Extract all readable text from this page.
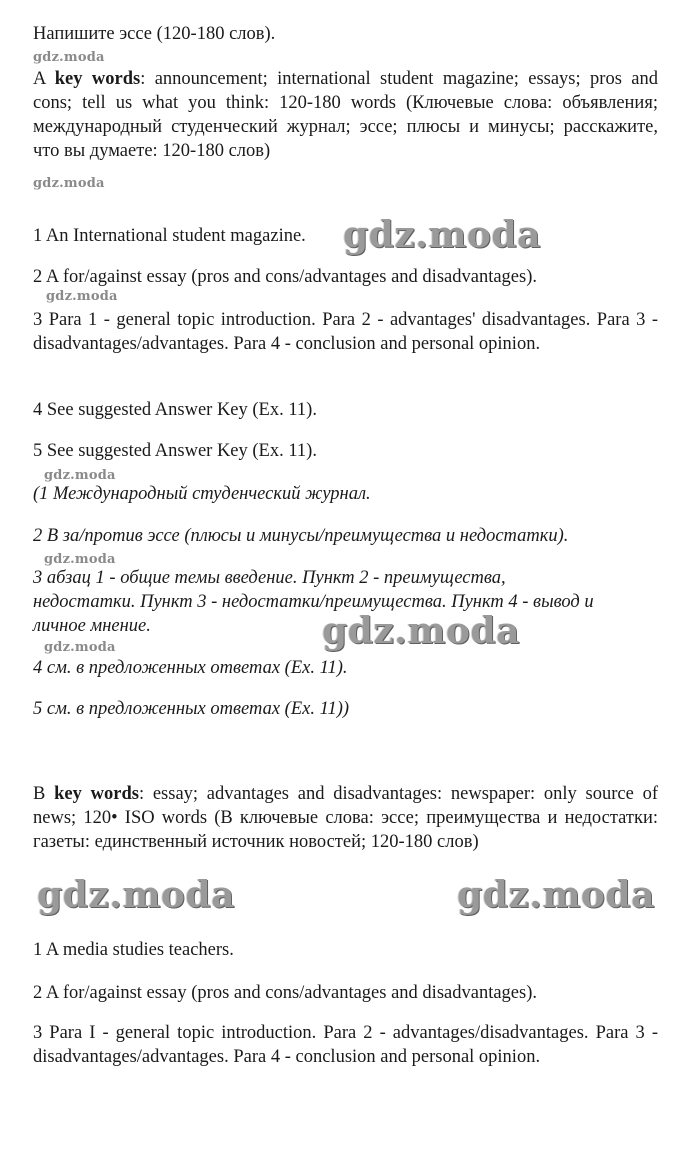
Напишите эссе (120-180 слов).

gdz.moda

A key words: announcement; international student magazine; essays; pros and cons; tell us what you think: 120-180 words (Ключевые слова: объявления; международный студенческий журнал; эссе; плюсы и минусы; расскажите, что вы думаете: 120-180 слов)

gdz.moda

1 An International student magazine.	gdz.moda

2 A for/against essay (pros and cons/advantages and disadvantages).

gdz.moda

3 Para 1 - general topic introduction. Para 2 - advantages' disadvantages. Para 3 - disadvantages/advantages. Para 4 - conclusion and personal opinion.

4 See suggested Answer Key (Ex. 11).

5 See suggested Answer Key (Ex. 11).

gdz.moda

(1 Международный студенческий журнал.

2 В за/против эссе (плюсы и минусы/преимущества и недостатки).

gdz.moda

3 абзац 1 - общие темы введение. Пункт 2 - преимущества, недостатки. Пункт 3 - недостатки/преимущества. Пункт 4 - вывод и личное мнение.	gdz.moda
gdz.moda

4 см. в предложенных ответах (Ex. 11).

5 см. в предложенных ответах (Ex. 11))

B key words: essay; advantages and disadvantages: newspaper: only source of news; 120• ISO words (В ключевые слова: эссе; преимущества и недостатки: газеты: единственный источник новостей; 120-180 слов)

gdz.moda	gdz.moda

1 A media studies teachers.

2 A for/against essay (pros and cons/advantages and disadvantages).

3 Para I - general topic introduction. Para 2 - advantages/disadvantages. Para 3 - disadvantages/advantages. Para 4 - conclusion and personal opinion.
